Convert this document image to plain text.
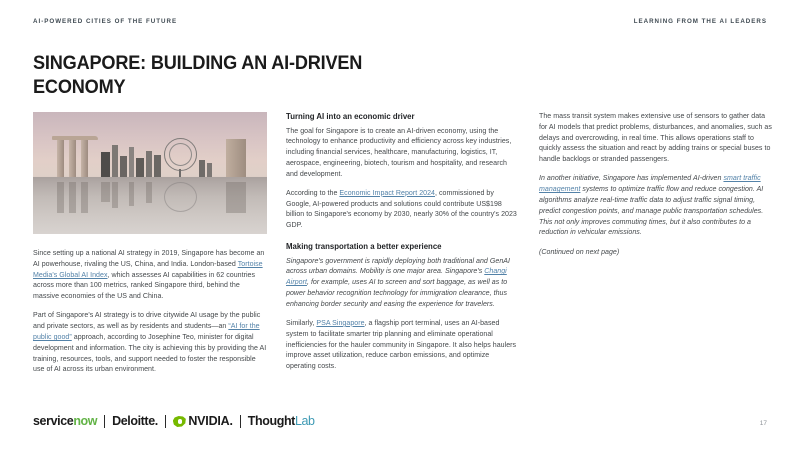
AI-POWERED CITIES OF THE FUTURE	LEARNING FROM THE AI LEADERS
SINGAPORE: BUILDING AN AI-DRIVEN ECONOMY

Since setting up a national AI strategy in 2019, Singapore has become an AI powerhouse, rivaling the US, China, and India. London-based Tortoise Media's Global AI Index, which assesses AI capabilities in 62 countries across more than 100 metrics, ranked Singapore third, behind the massive economies of the US and China.

Part of Singapore's AI strategy is to drive citywide AI usage by the public and private sectors, as well as by residents and students—an “AI for the public good” approach, according to Josephine Teo, minister for digital development and information. The city is achieving this by providing the AI training, resources, tools, and support needed to foster the responsible use of AI across its urban environment.

Turning AI into an economic driver

The goal for Singapore is to create an AI-driven economy, using the technology to enhance productivity and efficiency across key industries, including financial services, healthcare, manufacturing, logistics, IT, aerospace, engineering, biotech, tourism and hospitality, and research and development.

According to the Economic Impact Report 2024, commissioned by Google, AI-powered products and solutions could contribute US$198 billion to Singapore's economy by 2030, nearly 30% of the country's 2023 GDP.

Making transportation a better experience

Singapore's government is rapidly deploying both traditional and GenAI across urban domains. Mobility is one major area. Singapore's Changi Airport, for example, uses AI to screen and sort baggage, as well as to power behavior recognition technology for immigration clearance, thus enhancing border security and easing the experience for travelers.

Similarly, PSA Singapore, a flagship port terminal, uses an AI-based system to facilitate smarter trip planning and eliminate operational inefficiencies for the hauler community in Singapore. It also helps haulers improve asset utilization, reduce carbon emissions, and optimize operating costs.

The mass transit system makes extensive use of sensors to gather data for AI models that predict problems, disturbances, and anomalies, such as delays and overcrowding, in real time. This allows operations staff to quickly assess the situation and react by adding trains or special buses to handle backlogs or stranded passengers.

In another initiative, Singapore has implemented AI-driven smart traffic management systems to optimize traffic flow and reduce congestion. AI algorithms analyze real-time traffic data to adjust traffic signal timing, predict congestion points, and manage public transportation schedules. This not only improves commuting times, but it also contributes to a reduction in vehicular emissions.

(Continued on next page)

servicenow Deloitte. NVIDIA. ThoughtLab	17
